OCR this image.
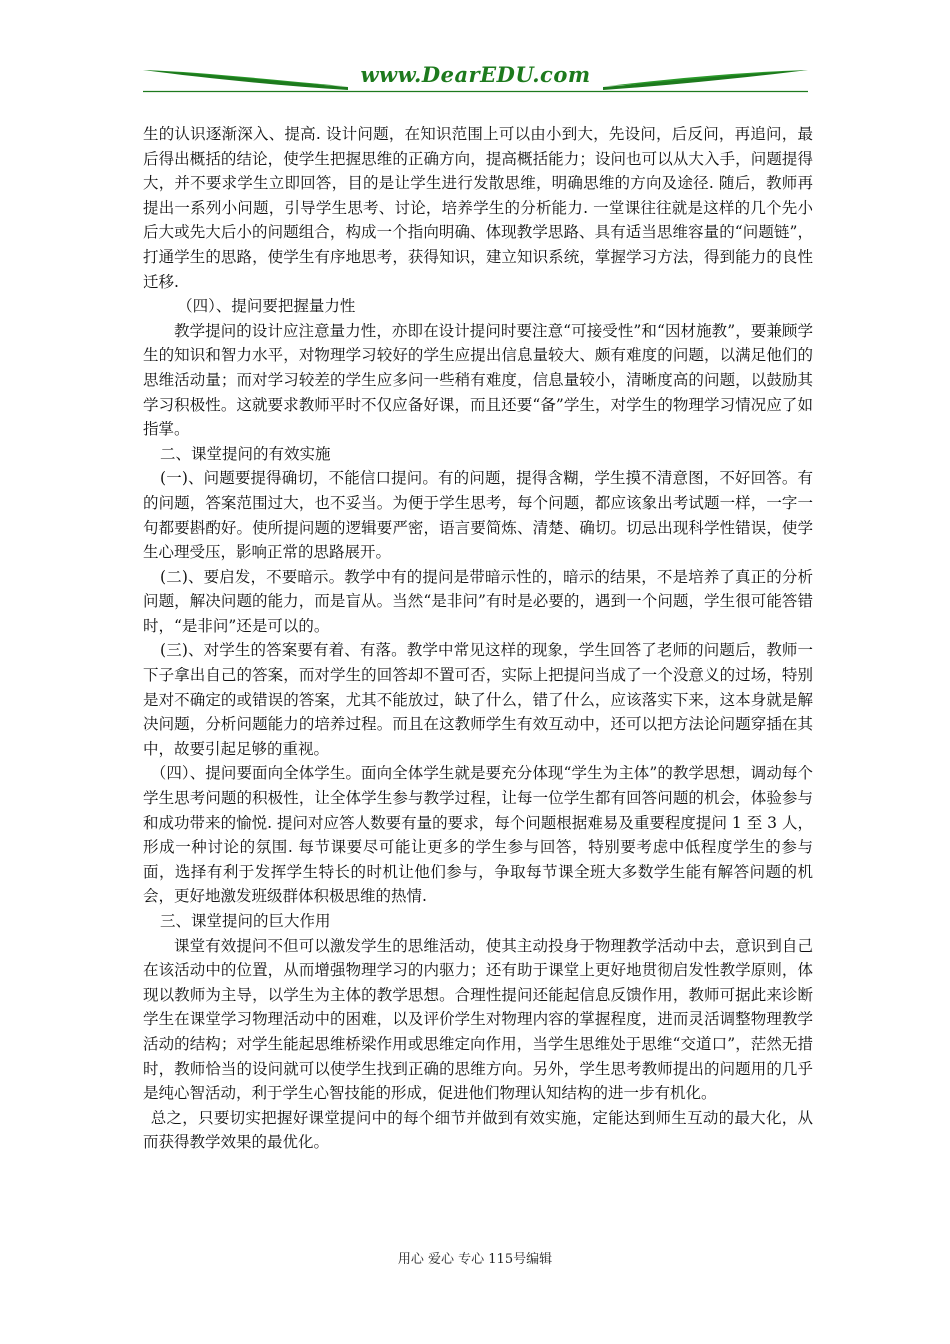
www.DearEDU.com

生的认识逐渐深入、提高. 设计问题，在知识范围上可以由小到大，先设问，后反问，再追问，最后得出概括的结论，使学生把握思维的正确方向，提高概括能力；设问也可以从大入手，问题提得大，并不要求学生立即回答，目的是让学生进行发散思维，明确思维的方向及途径. 随后，教师再提出一系列小问题，引导学生思考、讨论，培养学生的分析能力. 一堂课往往就是这样的几个先小后大或先大后小的问题组合，构成一个指向明确、体现教学思路、具有适当思维容量的“问题链”，打通学生的思路，使学生有序地思考，获得知识，建立知识系统，掌握学习方法，得到能力的良性迁移.

（四）、提问要把握量力性

教学提问的设计应注意量力性，亦即在设计提问时要注意“可接受性”和“因材施教”，要兼顾学生的知识和智力水平，对物理学习较好的学生应提出信息量较大、颇有难度的问题，以满足他们的思维活动量；而对学习较差的学生应多问一些稍有难度，信息量较小，清晰度高的问题，以鼓励其学习积极性。这就要求教师平时不仅应备好课，而且还要“备”学生，对学生的物理学习情况应了如指掌。

二、课堂提问的有效实施

(一)、问题要提得确切，不能信口提问。有的问题，提得含糊，学生摸不清意图，不好回答。有的问题，答案范围过大，也不妥当。为便于学生思考，每个问题，都应该象出考试题一样，一字一句都要斟酌好。使所提问题的逻辑要严密，语言要简炼、清楚、确切。切忌出现科学性错误，使学生心理受压，影响正常的思路展开。

(二)、要启发，不要暗示。教学中有的提问是带暗示性的，暗示的结果，不是培养了真正的分析问题，解决问题的能力，而是盲从。当然“是非问”有时是必要的，遇到一个问题，学生很可能答错时，“是非问”还是可以的。

(三)、对学生的答案要有着、有落。教学中常见这样的现象，学生回答了老师的问题后，教师一下子拿出自己的答案，而对学生的回答却不置可否，实际上把提问当成了一个没意义的过场，特别是对不确定的或错误的答案，尤其不能放过，缺了什么，错了什么，应该落实下来，这本身就是解决问题，分析问题能力的培养过程。而且在这教师学生有效互动中，还可以把方法论问题穿插在其中，故要引起足够的重视。

（四）、提问要面向全体学生。面向全体学生就是要充分体现“学生为主体”的教学思想，调动每个学生思考问题的积极性，让全体学生参与教学过程，让每一位学生都有回答问题的机会，体验参与和成功带来的愉悦. 提问对应答人数要有量的要求，每个问题根据难易及重要程度提问 1 至 3 人，形成一种讨论的氛围. 每节课要尽可能让更多的学生参与回答，特别要考虑中低程度学生的参与面，选择有利于发挥学生特长的时机让他们参与，争取每节课全班大多数学生能有解答问题的机会，更好地激发班级群体积极思维的热情.

三、课堂提问的巨大作用

课堂有效提问不但可以激发学生的思维活动，使其主动投身于物理教学活动中去，意识到自己在该活动中的位置，从而增强物理学习的内驱力；还有助于课堂上更好地贯彻启发性教学原则，体现以教师为主导，以学生为主体的教学思想。合理性提问还能起信息反馈作用，教师可据此来诊断学生在课堂学习物理活动中的困难，以及评价学生对物理内容的掌握程度，进而灵活调整物理教学活动的结构；对学生能起思维桥梁作用或思维定向作用，当学生思维处于思维“交道口”，茫然无措时，教师恰当的设问就可以使学生找到正确的思维方向。另外，学生思考教师提出的问题用的几乎是纯心智活动，利于学生心智技能的形成，促进他们物理认知结构的进一步有机化。

总之，只要切实把握好课堂提问中的每个细节并做到有效实施，定能达到师生互动的最大化，从而获得教学效果的最优化。

用心 爱心 专心 115号编辑
